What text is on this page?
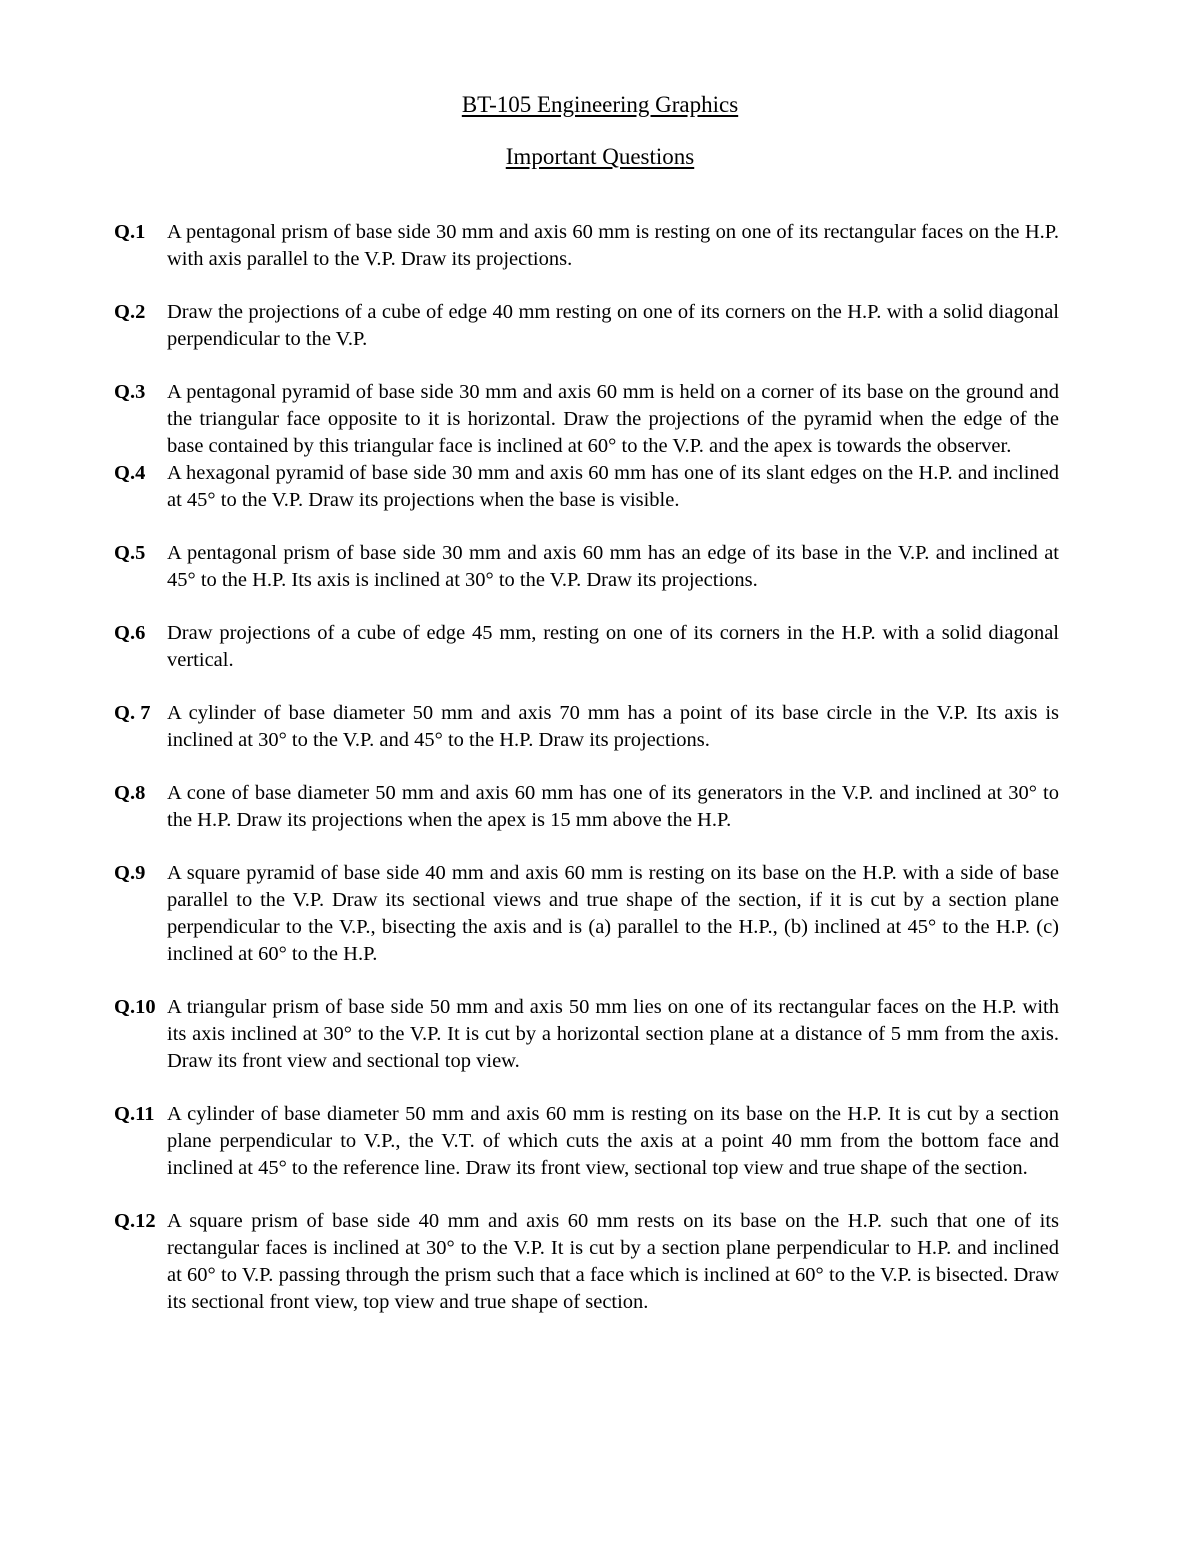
BT-105 Engineering Graphics
Important Questions

Q.1 A pentagonal prism of base side 30 mm and axis 60 mm is resting on one of its rectangular faces on the H.P. with axis parallel to the V.P. Draw its projections.

Q.2 Draw the projections of a cube of edge 40 mm resting on one of its corners on the H.P. with a solid diagonal perpendicular to the V.P.

Q.3 A pentagonal pyramid of base side 30 mm and axis 60 mm is held on a corner of its base on the ground and the triangular face opposite to it is horizontal. Draw the projections of the pyramid when the edge of the base contained by this triangular face is inclined at 60° to the V.P. and the apex is towards the observer.

Q.4 A hexagonal pyramid of base side 30 mm and axis 60 mm has one of its slant edges on the H.P. and inclined at 45° to the V.P. Draw its projections when the base is visible.

Q.5 A pentagonal prism of base side 30 mm and axis 60 mm has an edge of its base in the V.P. and inclined at 45° to the H.P. Its axis is inclined at 30° to the V.P. Draw its projections.

Q.6 Draw projections of a cube of edge 45 mm, resting on one of its corners in the H.P. with a solid diagonal vertical.

Q. 7 A cylinder of base diameter 50 mm and axis 70 mm has a point of its base circle in the V.P. Its axis is inclined at 30° to the V.P. and 45° to the H.P. Draw its projections.

Q.8 A cone of base diameter 50 mm and axis 60 mm has one of its generators in the V.P. and inclined at 30° to the H.P. Draw its projections when the apex is 15 mm above the H.P.

Q.9 A square pyramid of base side 40 mm and axis 60 mm is resting on its base on the H.P. with a side of base parallel to the V.P. Draw its sectional views and true shape of the section, if it is cut by a section plane perpendicular to the V.P., bisecting the axis and is (a) parallel to the H.P., (b) inclined at 45° to the H.P. (c) inclined at 60° to the H.P.

Q.10 A triangular prism of base side 50 mm and axis 50 mm lies on one of its rectangular faces on the H.P. with its axis inclined at 30° to the V.P. It is cut by a horizontal section plane at a distance of 5 mm from the axis. Draw its front view and sectional top view.

Q.11 A cylinder of base diameter 50 mm and axis 60 mm is resting on its base on the H.P. It is cut by a section plane perpendicular to V.P., the V.T. of which cuts the axis at a point 40 mm from the bottom face and inclined at 45° to the reference line. Draw its front view, sectional top view and true shape of the section.

Q.12 A square prism of base side 40 mm and axis 60 mm rests on its base on the H.P. such that one of its rectangular faces is inclined at 30° to the V.P. It is cut by a section plane perpendicular to H.P. and inclined at 60° to V.P. passing through the prism such that a face which is inclined at 60° to the V.P. is bisected. Draw its sectional front view, top view and true shape of section.
